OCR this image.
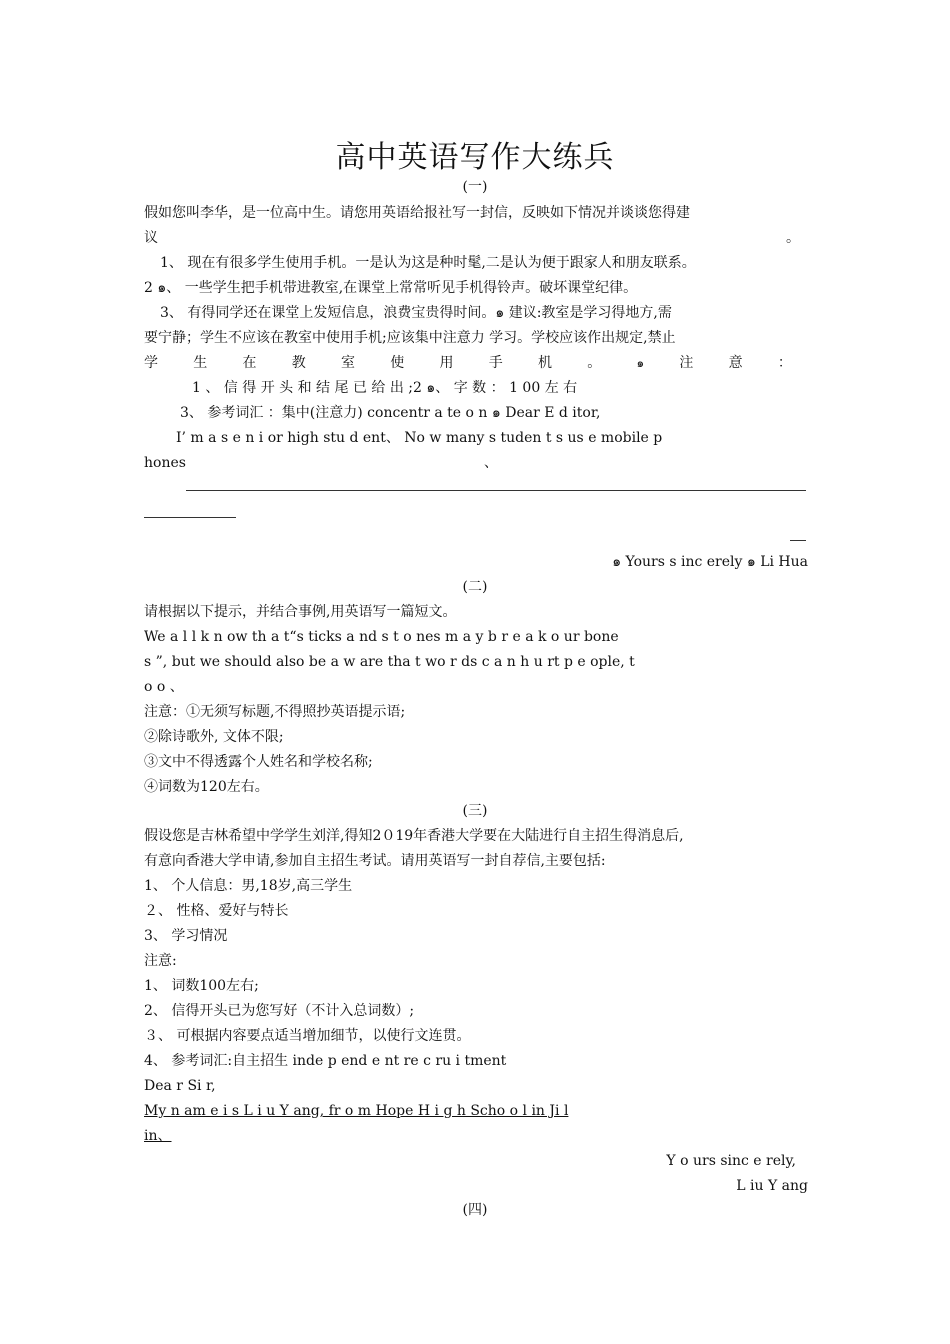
高中英语写作大练兵
(一)
假如您叫李华，是一位高中生。请您用英语给报社写一封信，反映如下情况并谈谈您得建
议	。
1、 现在有很多学生使用手机。一是认为这是种时髦,二是认为便于跟家人和朋友联系。
2 ๑、 一些学生把手机带进教室,在课堂上常常听见手机得铃声。破坏课堂纪律。
3、 有得同学还在课堂上发短信息，浪费宝贵得时间。๑ 建议:教室是学习得地方,需
要宁静；学生不应该在教室中使用手机;应该集中注意力 学习。学校应该作出规定,禁止
学	生	在	教	室	使	用	手	机	。	๑	注	意	：
1 、 信 得 开 头 和 结 尾 已 给 出 ;2 ๑、 字 数 ： 1 00 左 右
3、 参考词汇 ：集中(注意力) concentr a te o n ๑ Dear E d itor,
I’ m a s e n i or high stu d ent、 No w many s tuden t s us e mobile p
hones	、
๑ Yours s inc erely ๑ Li Hua
(二)
请根据以下提示，并结合事例,用英语写一篇短文。
We a l l k n ow th a t“s ticks a nd s t o nes m a y b r e a k o ur bone
s ”, but we should also be a w are tha t wo r ds c a n h u rt p e ople, t
o o 、
注意：①无须写标题,不得照抄英语提示语;
②除诗歌外, 文体不限;
③文中不得透露个人姓名和学校名称;
④词数为120左右。
(三)
假设您是吉林希望中学学生刘洋,得知2０19年香港大学要在大陆进行自主招生得消息后,
有意向香港大学申请,参加自主招生考试。请用英语写一封自荐信,主要包括:
1、 个人信息：男,18岁,高三学生
２、 性格、爱好与特长
3、 学习情况
注意:
1、 词数100左右;
2、 信得开头已为您写好（不计入总词数）;
３、 可根据内容要点适当增加细节，以使行文连贯。
4、 参考词汇:自主招生 inde p end e nt re c ru i tment
Dea r Si r,
My n am e i s L i u Y ang, fr o m Hope H i g h Scho o l in Ji l
in、
Y o urs sinc e rely,
L iu Y ang
(四)
